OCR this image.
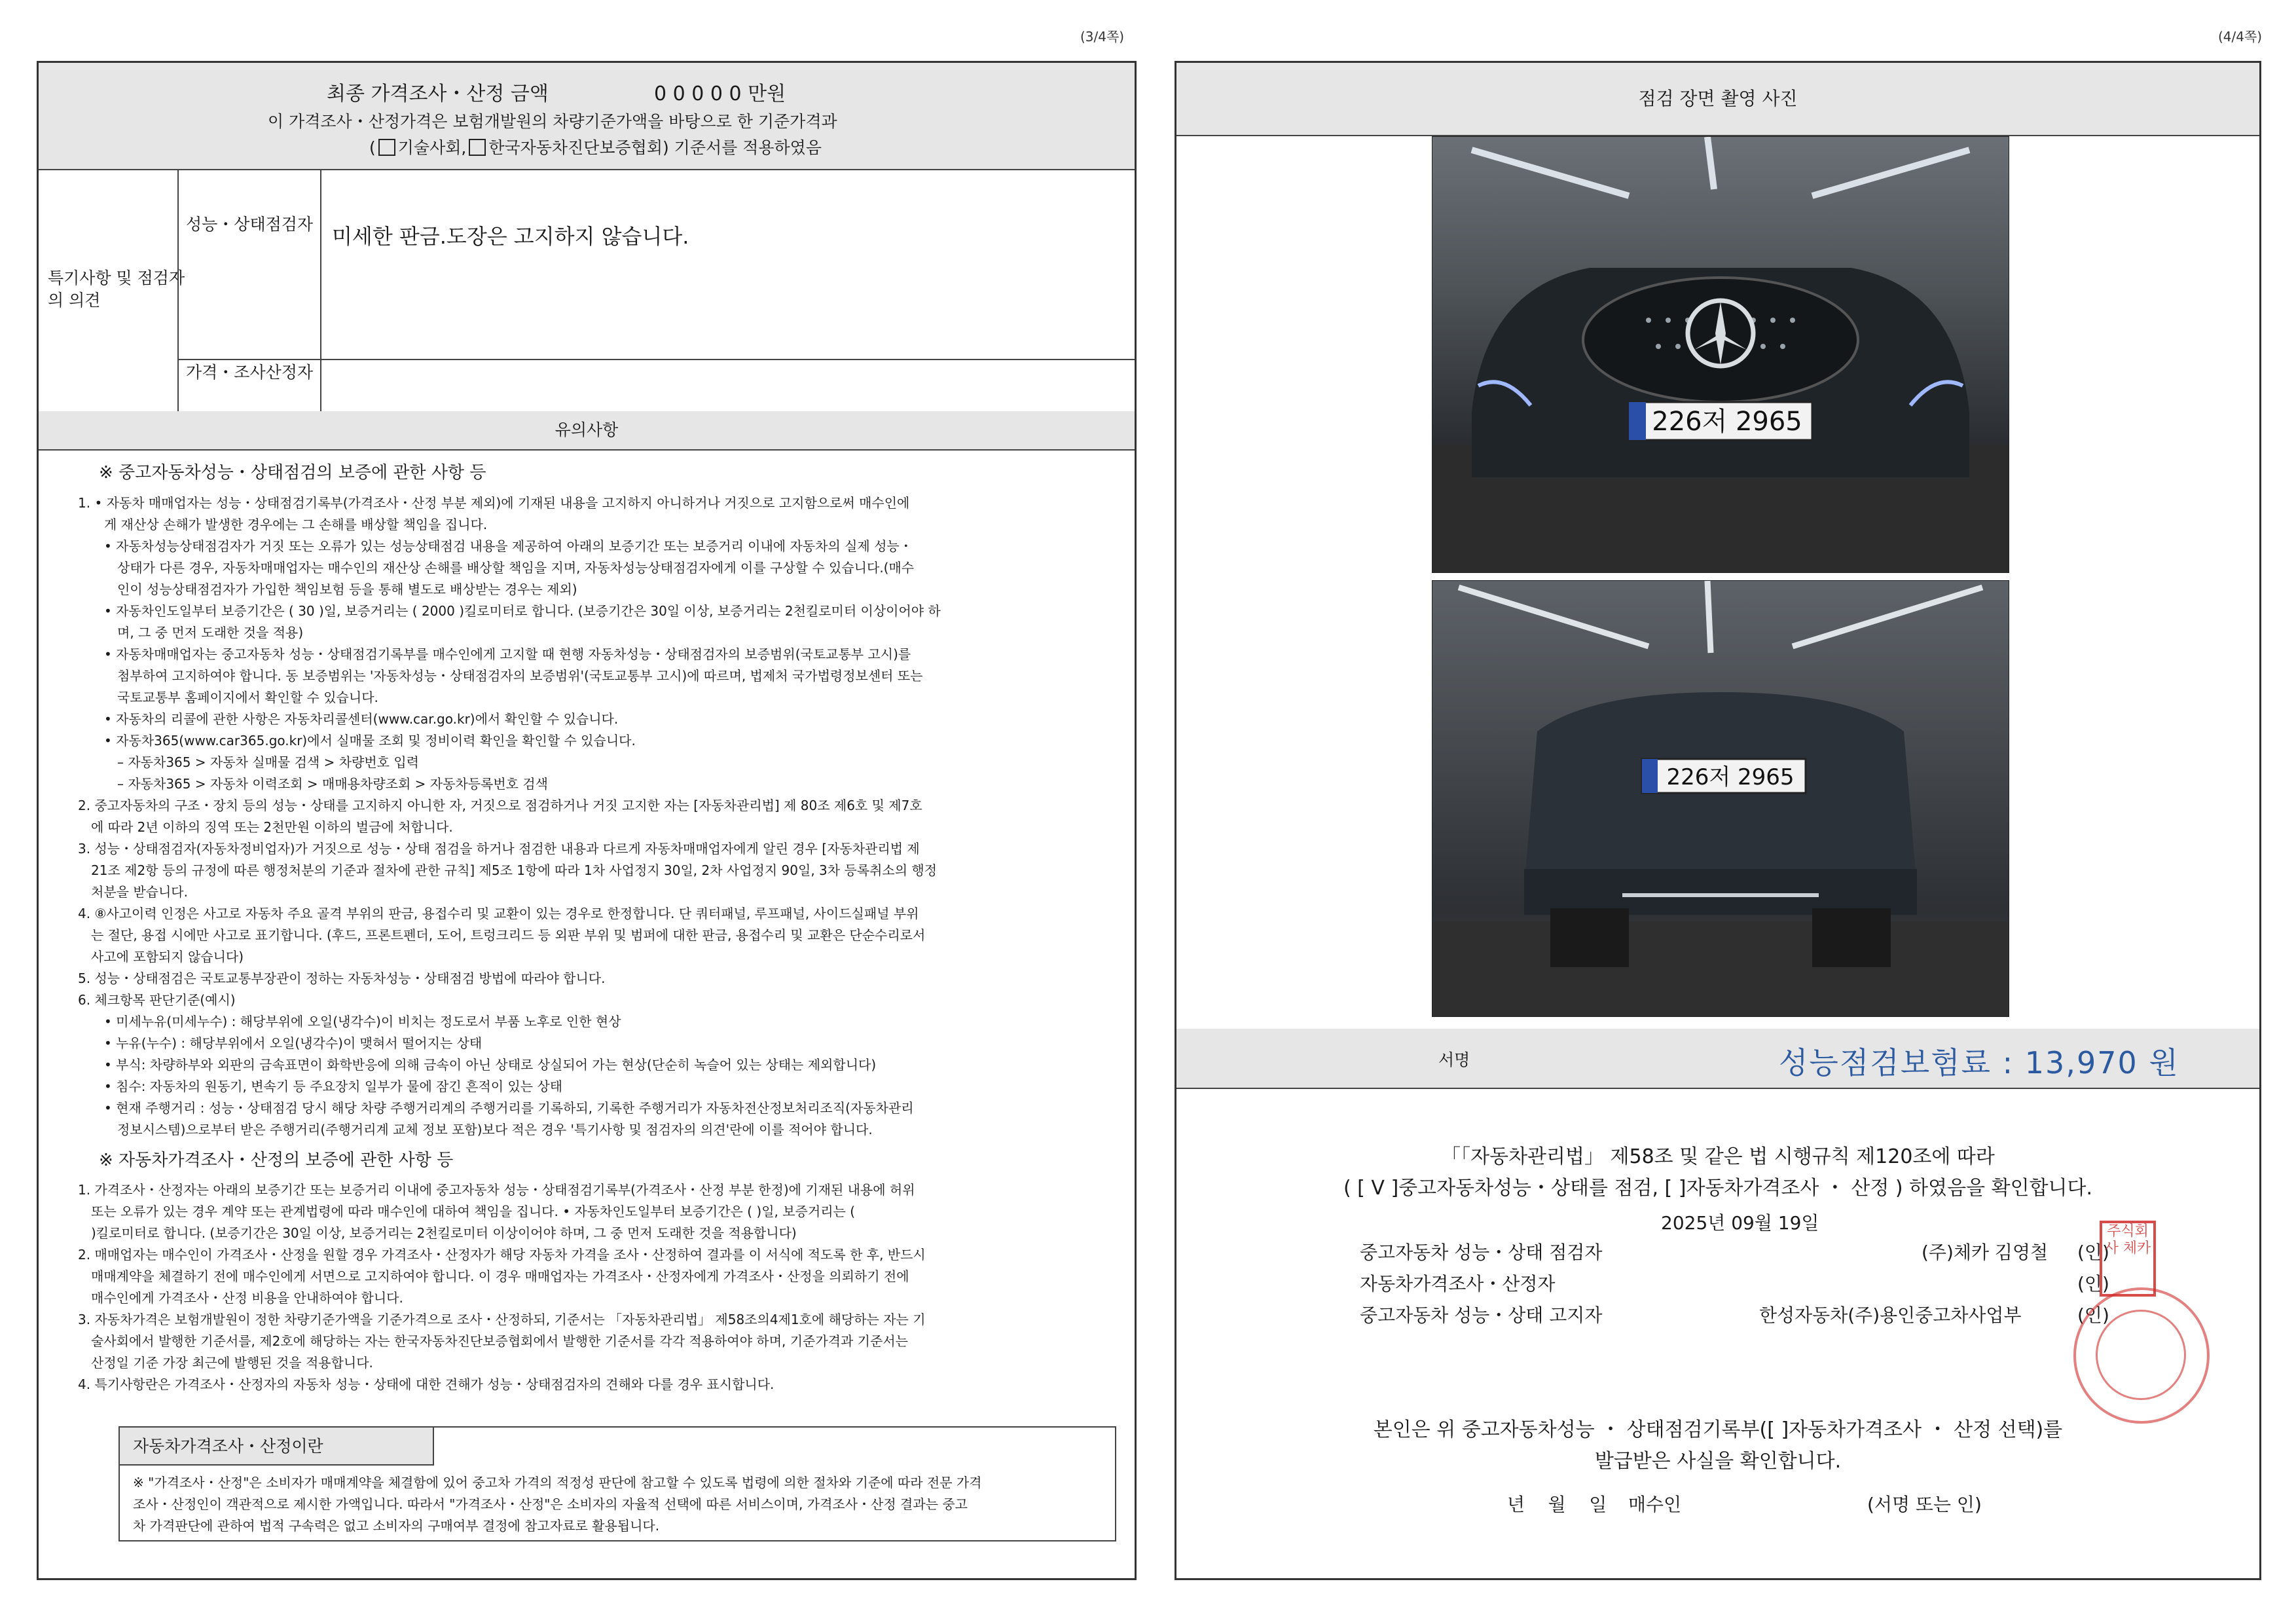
(3/4쪽)	(4/4쪽)
최종 가격조사・산정 금액	0 0 0 0 0 만원
이 가격조사・산정가격은 보험개발원의 차량기준가액을 바탕으로 한 기준가격과
( 기술사회, 한국자동차진단보증협회) 기준서를 적용하였음
특기사항 및 점검자의 의견
성능・상태점검자 미세한 판금.도장은 고지하지 않습니다.
가격・조사산정자
유의사항
※ 중고자동차성능・상태점검의 보증에 관한 사항 등

1. • 자동차 매매업자는 성능・상태점검기록부(가격조사・산정 부분 제외)에 기재된 내용을 고지하지 아니하거나 거짓으로 고지함으로써 매수인에

게 재산상 손해가 발생한 경우에는 그 손해를 배상할 책임을 집니다.

• 자동차성능상태점검자가 거짓 또는 오류가 있는 성능상태점검 내용을 제공하여 아래의 보증기간 또는 보증거리 이내에 자동차의 실제 성능・

상태가 다른 경우, 자동차매매업자는 매수인의 재산상 손해를 배상할 책임을 지며, 자동차성능상태점검자에게 이를 구상할 수 있습니다.(매수

인이 성능상태점검자가 가입한 책임보험 등을 통해 별도로 배상받는 경우는 제외)

• 자동차인도일부터 보증기간은 ( 30 )일, 보증거리는 ( 2000 )킬로미터로 합니다. (보증기간은 30일 이상, 보증거리는 2천킬로미터 이상이어야 하

며, 그 중 먼저 도래한 것을 적용)

• 자동차매매업자는 중고자동차 성능・상태점검기록부를 매수인에게 고지할 때 현행 자동차성능・상태점검자의 보증범위(국토교통부 고시)를

첨부하여 고지하여야 합니다. 동 보증범위는 '자동차성능・상태점검자의 보증범위'(국토교통부 고시)에 따르며, 법제처 국가법령정보센터 또는

국토교통부 홈페이지에서 확인할 수 있습니다.

• 자동차의 리콜에 관한 사항은 자동차리콜센터(www.car.go.kr)에서 확인할 수 있습니다.

• 자동차365(www.car365.go.kr)에서 실매물 조회 및 정비이력 확인을 확인할 수 있습니다.

– 자동차365 > 자동차 실매물 검색 > 차량번호 입력

– 자동차365 > 자동차 이력조회 > 매매용차량조회 > 자동차등록번호 검색

2. 중고자동차의 구조・장치 등의 성능・상태를 고지하지 아니한 자, 거짓으로 점검하거나 거짓 고지한 자는 [자동차관리법] 제 80조 제6호 및 제7호

에 따라 2년 이하의 징역 또는 2천만원 이하의 벌금에 처합니다.

3. 성능・상태점검자(자동차정비업자)가 거짓으로 성능・상태 점검을 하거나 점검한 내용과 다르게 자동차매매업자에게 알린 경우 [자동차관리법 제

21조 제2항 등의 규정에 따른 행정처분의 기준과 절차에 관한 규칙] 제5조 1항에 따라 1차 사업정지 30일, 2차 사업정지 90일, 3차 등록취소의 행정

처분을 받습니다.

4. ⑧사고이력 인정은 사고로 자동차 주요 골격 부위의 판금, 용접수리 및 교환이 있는 경우로 한정합니다. 단 쿼터패널, 루프패널, 사이드실패널 부위

는 절단, 용접 시에만 사고로 표기합니다. (후드, 프론트펜더, 도어, 트렁크리드 등 외판 부위 및 범퍼에 대한 판금, 용접수리 및 교환은 단순수리로서

사고에 포함되지 않습니다)

5. 성능・상태점검은 국토교통부장관이 정하는 자동차성능・상태점검 방법에 따라야 합니다.

6. 체크항목 판단기준(예시)

• 미세누유(미세누수) : 해당부위에 오일(냉각수)이 비치는 정도로서 부품 노후로 인한 현상

• 누유(누수) : 해당부위에서 오일(냉각수)이 맺혀서 떨어지는 상태

• 부식: 차량하부와 외판의 금속표면이 화학반응에 의해 금속이 아닌 상태로 상실되어 가는 현상(단순히 녹슬어 있는 상태는 제외합니다)

• 침수: 자동차의 원동기, 변속기 등 주요장치 일부가 물에 잠긴 흔적이 있는 상태

• 현재 주행거리 : 성능・상태점검 당시 해당 차량 주행거리계의 주행거리를 기록하되, 기록한 주행거리가 자동차전산정보처리조직(자동차관리

정보시스템)으로부터 받은 주행거리(주행거리계 교체 정보 포함)보다 적은 경우 '특기사항 및 점검자의 의견'란에 이를 적어야 합니다.

※ 자동차가격조사・산정의 보증에 관한 사항 등

1. 가격조사・산정자는 아래의 보증기간 또는 보증거리 이내에 중고자동차 성능・상태점검기록부(가격조사・산정 부분 한정)에 기재된 내용에 허위

또는 오류가 있는 경우 계약 또는 관계법령에 따라 매수인에 대하여 책임을 집니다. • 자동차인도일부터 보증기간은 ( )일, 보증거리는 (

)킬로미터로 합니다. (보증기간은 30일 이상, 보증거리는 2천킬로미터 이상이어야 하며, 그 중 먼저 도래한 것을 적용합니다)

2. 매매업자는 매수인이 가격조사・산정을 원할 경우 가격조사・산정자가 해당 자동차 가격을 조사・산정하여 결과를 이 서식에 적도록 한 후, 반드시

매매계약을 체결하기 전에 매수인에게 서면으로 고지하여야 합니다. 이 경우 매매업자는 가격조사・산정자에게 가격조사・산정을 의뢰하기 전에

매수인에게 가격조사・산정 비용을 안내하여야 합니다.

3. 자동차가격은 보험개발원이 정한 차량기준가액을 기준가격으로 조사・산정하되, 기준서는 「자동차관리법」 제58조의4제1호에 해당하는 자는 기

술사회에서 발행한 기준서를, 제2호에 해당하는 자는 한국자동차진단보증협회에서 발행한 기준서를 각각 적용하여야 하며, 기준가격과 기준서는

산정일 기준 가장 최근에 발행된 것을 적용합니다.

4. 특기사항란은 가격조사・산정자의 자동차 성능・상태에 대한 견해가 성능・상태점검자의 견해와 다를 경우 표시합니다.

자동차가격조사・산정이란

※ "가격조사・산정"은 소비자가 매매계약을 체결함에 있어 중고차 가격의 적정성 판단에 참고할 수 있도록 법령에 의한 절차와 기준에 따라 전문 가격

조사・산정인이 객관적으로 제시한 가액입니다. 따라서 "가격조사・산정"은 소비자의 자율적 선택에 따른 서비스이며, 가격조사・산정 결과는 중고

차 가격판단에 관하여 법적 구속력은 없고 소비자의 구매여부 결정에 참고자료로 활용됩니다.

점검 장면 촬영 사진
226저 2965
226저 2965
서명	성능점검보험료 : 13,970 원
「「자동차관리법」 제58조 및 같은 법 시행규칙 제120조에 따라
( [ V ]중고자동차성능・상태를 점검, [ ]자동차가격조사 ・ 산정 ) 하였음을 확인합니다.
2025년 09월 19일
중고자동차 성능・상태 점검자	(주)체카 김영철 (인)
자동차가격조사・산정자	(인)
중고자동차 성능・상태 고지자	한성자동차(주)용인중고차사업부	(인)
주식회사 체카
본인은 위 중고자동차성능 ・ 상태점검기록부([ ]자동차가격조사 ・ 산정 선택)를
발급받은 사실을 확인합니다.
년    월    일 매수인	(서명 또는 인)
